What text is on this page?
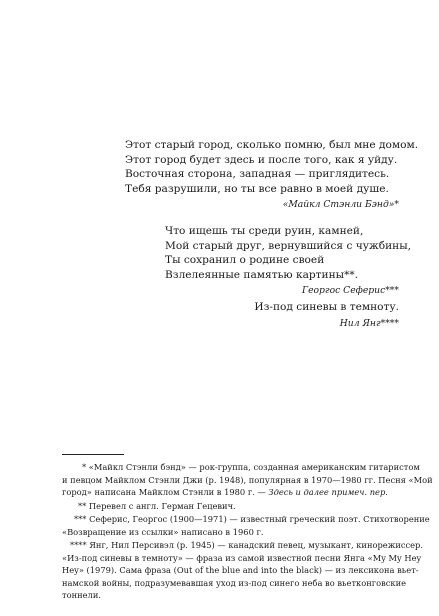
Этот старый город, сколько помню, был мне домом.
Этот город будет здесь и после того, как я уйду.
Восточная сторона, западная — приглядитесь.
Тебя разрушили, но ты все равно в моей душе.
«Майкл Стэнли Бэнд»*
Что ищешь ты среди руин, камней,
Мой старый друг, вернувшийся с чужбины,
Ты сохранил о родине своей
Взлелеянные памятью картины**.
Георгос Сеферис***
Из-под синевы в темноту.
Нил Янг****
* «Майкл Стэнли бэнд» — рок-группа, созданная американским гитаристом
и певцом Майклом Стэнли Джи (р. 1948), популярная в 1970—1980 гг. Песня «Мой
город» написана Майклом Стэнли в 1980 г. — Здесь и далее примеч. пер.
** Перевел с англ. Герман Гецевич.
*** Сеферис, Георгос (1900—1971) — известный греческий поэт. Стихотворение
«Возвращение из ссылки» написано в 1960 г.
**** Янг, Нил Персивэл (р. 1945) — канадский певец, музыкант, кинорежиссер.
«Из-под синевы в темноту» — фраза из самой известной песни Янга «My My Hey
Hey» (1979). Сама фраза (Out of the blue and into the black) — из лексикона вьет-
намской войны, подразумевавшая уход из-под синего неба во вьетконговские
тоннели.
